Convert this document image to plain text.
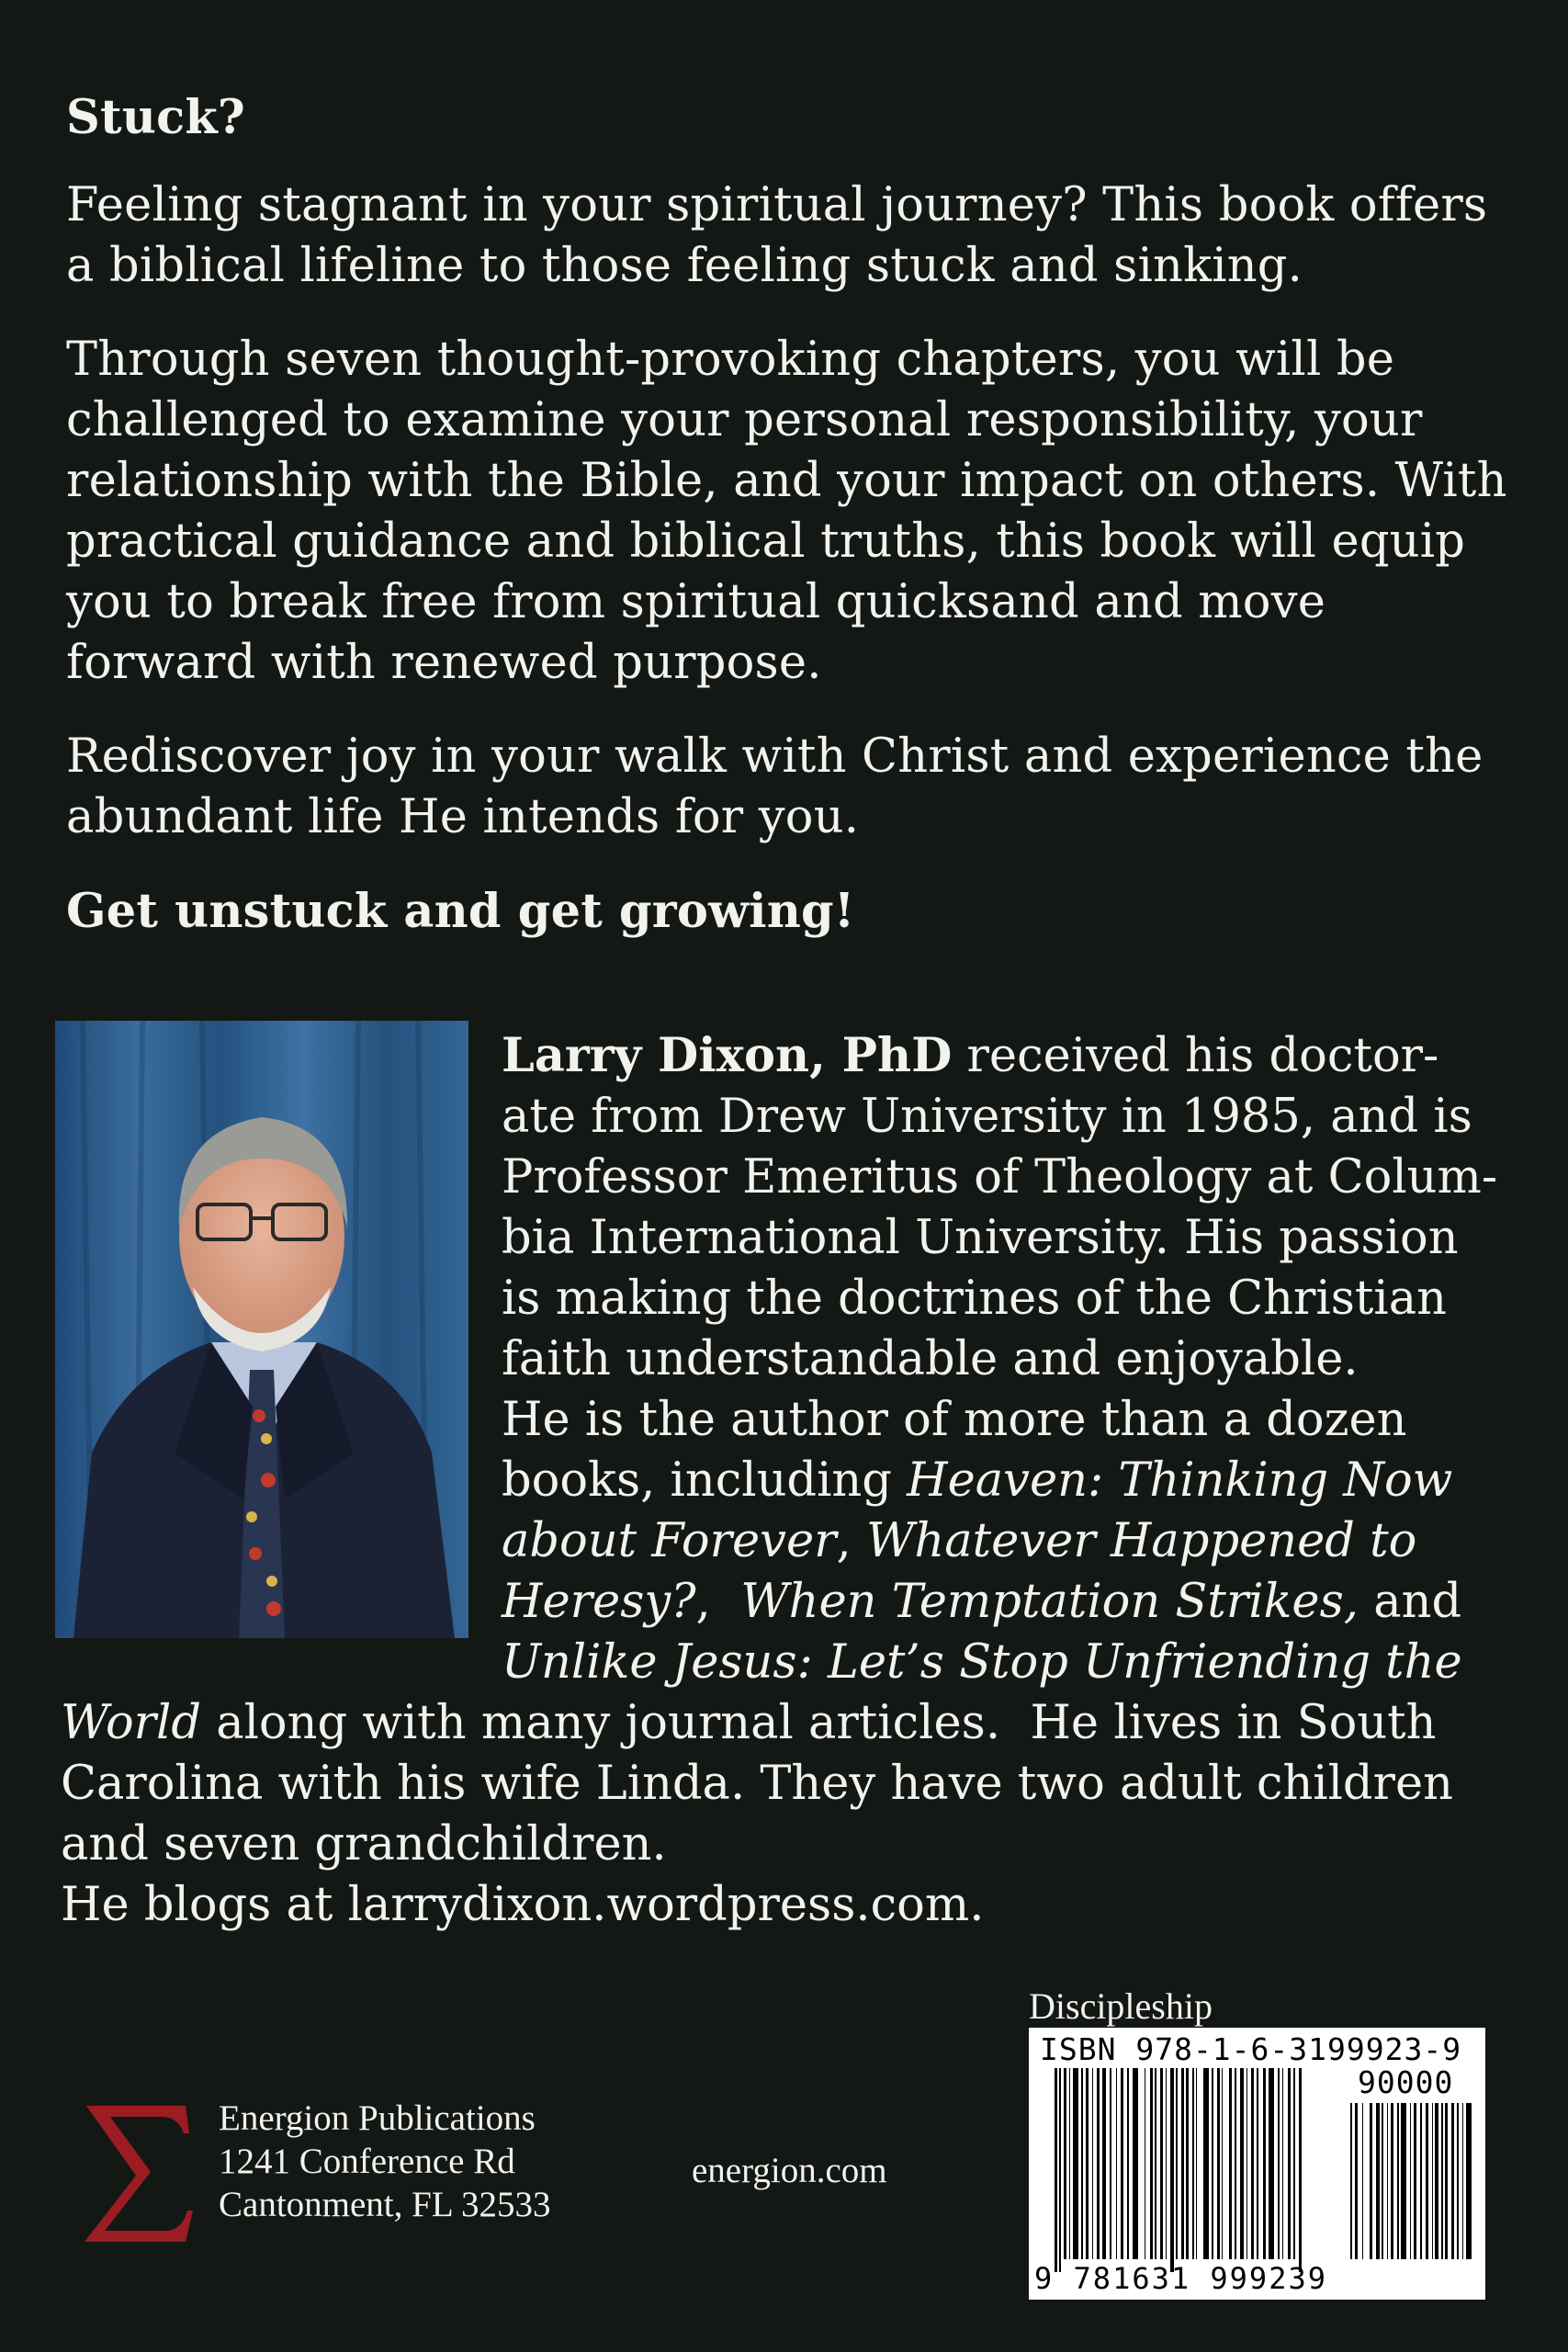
Stuck?

Feeling stagnant in your spiritual journey? This book offers a biblical lifeline to those feeling stuck and sinking.

Through seven thought-provoking chapters, you will be challenged to examine your personal responsibility, your relationship with the Bible, and your impact on others. With practical guidance and biblical truths, this book will equip you to break free from spiritual quicksand and move forward with renewed purpose.

Rediscover joy in your walk with Christ and experience the abundant life He intends for you.

Get unstuck and get growing!

Larry Dixon, PhD received his doctor-
ate from Drew University in 1985, and is
Professor Emeritus of Theology at Colum-
bia International University. His passion
is making the doctrines of the Christian
faith understandable and enjoyable.
He is the author of more than a dozen
books, including Heaven: Thinking Now
about Forever, Whatever Happened to
Heresy?,  When Temptation Strikes, and
Unlike Jesus: Let’s Stop Unfriending the
World along with many journal articles.  He lives in South
Carolina with his wife Linda. They have two adult children
and seven grandchildren.
He blogs at larrydixon.wordpress.com.
Energion Publications
1241 Conference Rd
Cantonment, FL 32533
energion.com
Discipleship
ISBN 978-1-6-3199923-9
90000
9 781631 999239
